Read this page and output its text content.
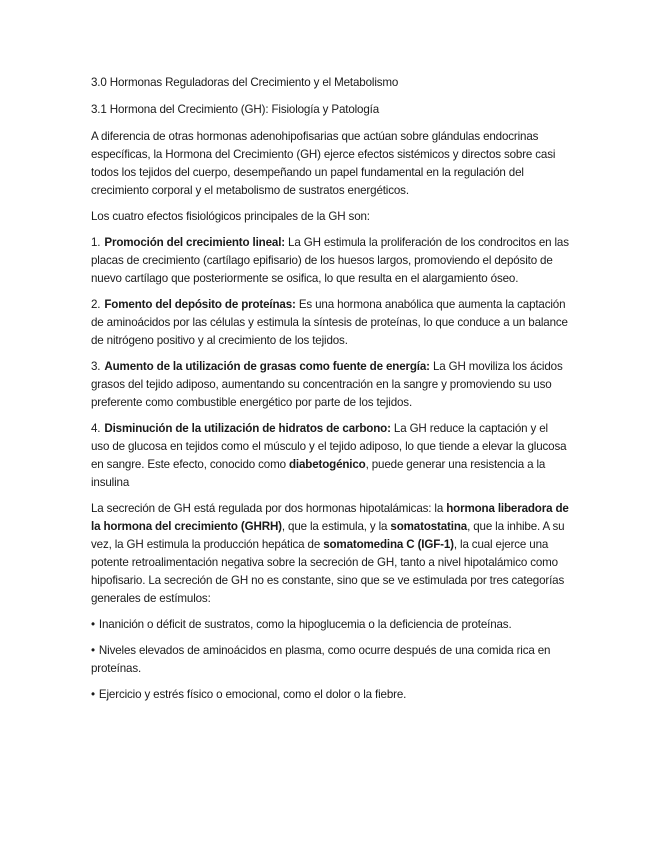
3.0 Hormonas Reguladoras del Crecimiento y el Metabolismo

3.1 Hormona del Crecimiento (GH): Fisiología y Patología

A diferencia de otras hormonas adenohipofisarias que actúan sobre glándulas endocrinas específicas, la Hormona del Crecimiento (GH) ejerce efectos sistémicos y directos sobre casi todos los tejidos del cuerpo, desempeñando un papel fundamental en la regulación del crecimiento corporal y el metabolismo de sustratos energéticos.

Los cuatro efectos fisiológicos principales de la GH son:

1. Promoción del crecimiento lineal: La GH estimula la proliferación de los condrocitos en las placas de crecimiento (cartílago epifisario) de los huesos largos, promoviendo el depósito de nuevo cartílago que posteriormente se osifica, lo que resulta en el alargamiento óseo.

2. Fomento del depósito de proteínas: Es una hormona anabólica que aumenta la captación de aminoácidos por las células y estimula la síntesis de proteínas, lo que conduce a un balance de nitrógeno positivo y al crecimiento de los tejidos.

3. Aumento de la utilización de grasas como fuente de energía: La GH moviliza los ácidos grasos del tejido adiposo, aumentando su concentración en la sangre y promoviendo su uso preferente como combustible energético por parte de los tejidos.

4. Disminución de la utilización de hidratos de carbono: La GH reduce la captación y el uso de glucosa en tejidos como el músculo y el tejido adiposo, lo que tiende a elevar la glucosa en sangre. Este efecto, conocido como diabetogénico, puede generar una resistencia a la insulina

La secreción de GH está regulada por dos hormonas hipotalámicas: la hormona liberadora de la hormona del crecimiento (GHRH), que la estimula, y la somatostatina, que la inhibe. A su vez, la GH estimula la producción hepática de somatomedina C (IGF-1), la cual ejerce una potente retroalimentación negativa sobre la secreción de GH, tanto a nivel hipotalámico como hipofisario. La secreción de GH no es constante, sino que se ve estimulada por tres categorías generales de estímulos:

• Inanición o déficit de sustratos, como la hipoglucemia o la deficiencia de proteínas.

• Niveles elevados de aminoácidos en plasma, como ocurre después de una comida rica en proteínas.

• Ejercicio y estrés físico o emocional, como el dolor o la fiebre.
